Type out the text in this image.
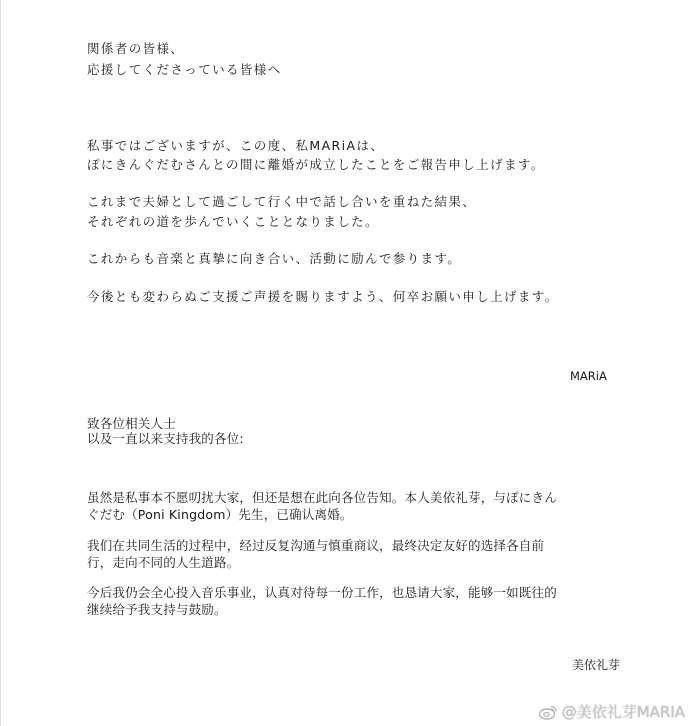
関係者の皆様、
応援してくださっている皆様へ
私事ではございますが、この度、私MARiAは、
ぽにきんぐだむさんとの間に離婚が成立したことをご報告申し上げます。
これまで夫婦として過ごして行く中で話し合いを重ねた結果、
それぞれの道を歩んでいくこととなりました。
これからも音楽と真摯に向き合い、活動に励んで参ります。
今後とも変わらぬご支援ご声援を賜りますよう、何卒お願い申し上げます。
MARiA
致各位相关人士
以及一直以来支持我的各位:
虽然是私事本不愿叨扰大家，但还是想在此向各位告知。本人美依礼芽，与ぽにきん
ぐだむ（Poni Kingdom）先生，已确认离婚。
我们在共同生活的过程中，经过反复沟通与慎重商议，最终决定友好的选择各自前
行，走向不同的人生道路。
今后我仍会全心投入音乐事业，认真对待每一份工作，也恳请大家，能够一如既往的
继续给予我支持与鼓励。
美依礼芽
@美依礼芽MARIA
